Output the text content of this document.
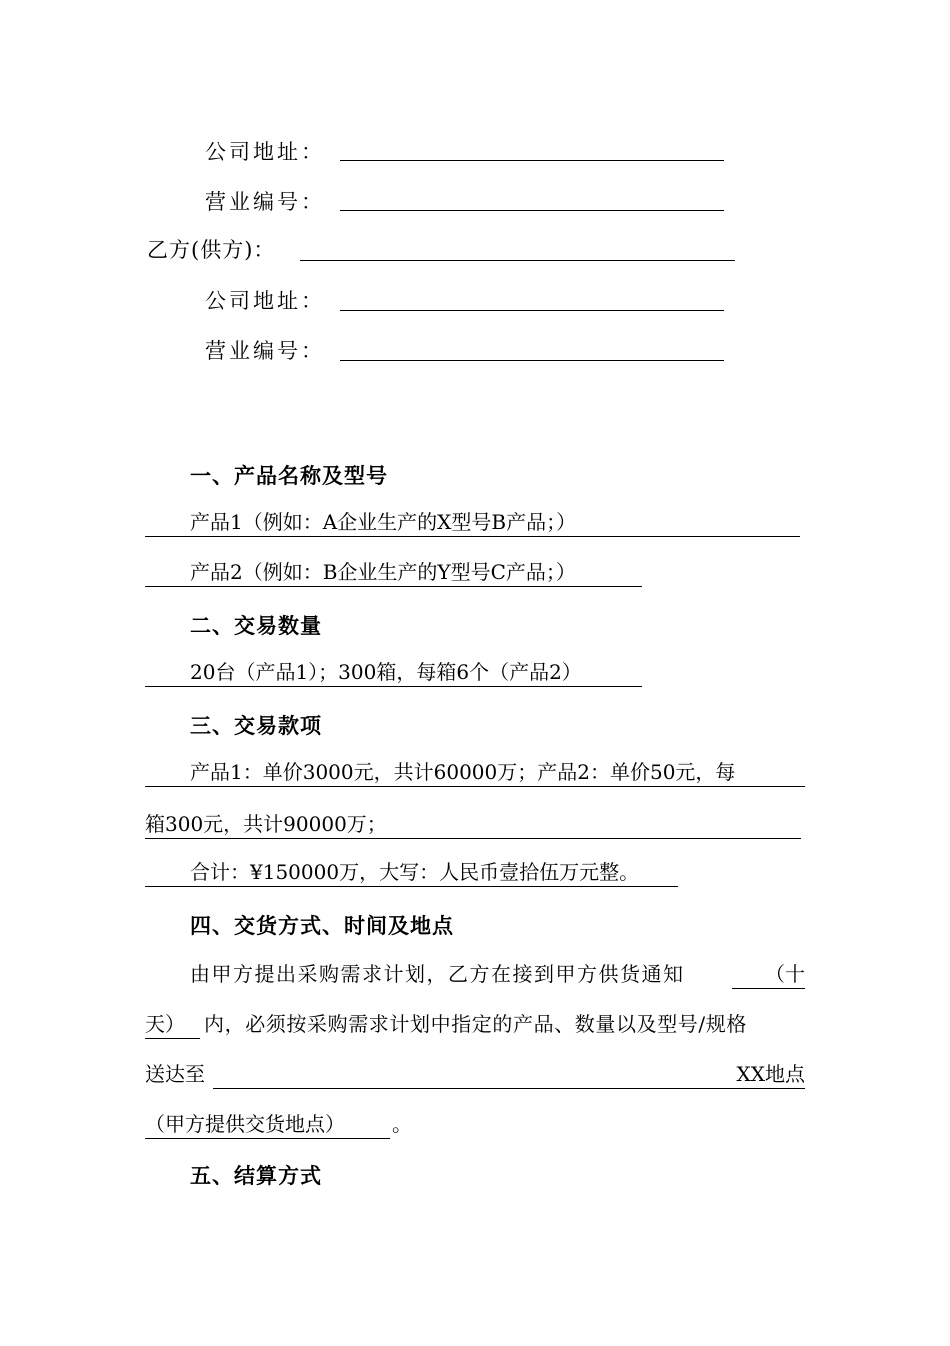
公司地址：
营业编号：
乙方(供方)：
公司地址：
营业编号：
一、产品名称及型号
产品1（例如：A企业生产的X型号B产品；）
产品2（例如：B企业生产的Y型号C产品；）
二、交易数量
20台（产品1）；300箱，每箱6个（产品2）
三、交易款项
产品1：单价3000元，共计60000万；产品2：单价50元，每
箱300元，共计90000万；
合计：¥150000万，大写：人民币壹拾伍万元整。
四、交货方式、时间及地点
由甲方提出采购需求计划，乙方在接到甲方供货通知	（十
天） 内，必须按采购需求计划中指定的产品、数量以及型号/规格
送达至	XX地点
（甲方提供交货地点） 。
五、结算方式
